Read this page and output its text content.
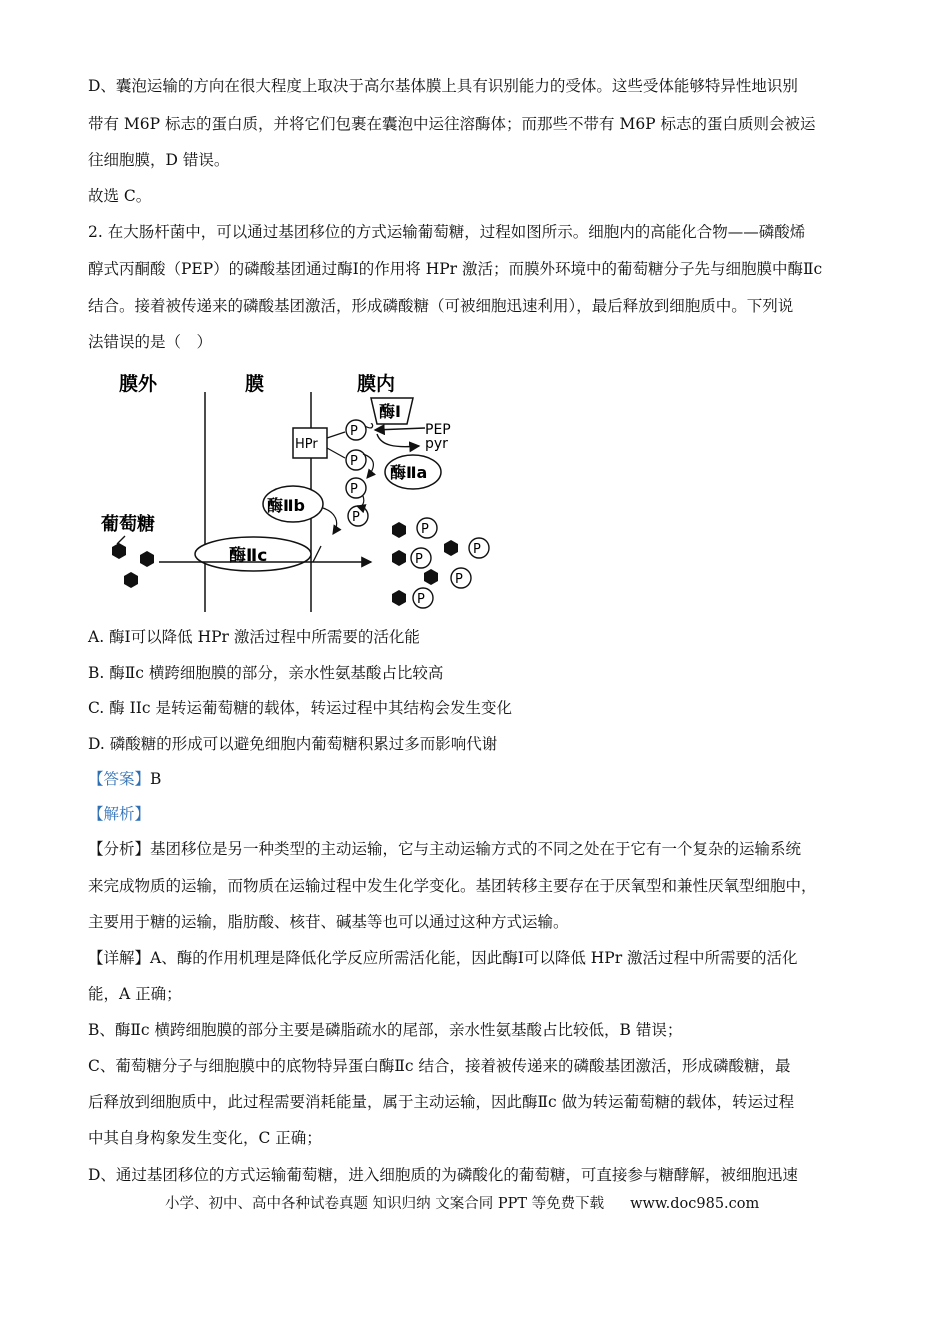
D、囊泡运输的方向在很大程度上取决于高尔基体膜上具有识别能力的受体。这些受体能够特异性地识别
带有 M6P 标志的蛋白质，并将它们包裹在囊泡中运往溶酶体；而那些不带有 M6P 标志的蛋白质则会被运
往细胞膜，D 错误。
故选 C。
2. 在大肠杆菌中，可以通过基团移位的方式运输葡萄糖，过程如图所示。细胞内的高能化合物——磷酸烯
醇式丙酮酸（PEP）的磷酸基团通过酶Ⅰ的作用将 HPr 激活；而膜外环境中的葡萄糖分子先与细胞膜中酶Ⅱc
结合。接着被传递来的磷酸基团激活，形成磷酸糖（可被细胞迅速利用），最后释放到细胞质中。下列说
法错误的是（　）
膜外	膜	膜内
酶Ⅰ
PEP
pyr
HPr
P
P
P
P
酶Ⅱa
酶Ⅱb
葡萄糖
酶Ⅱc
P
P
P
P
P
A. 酶Ⅰ可以降低 HPr 激活过程中所需要的活化能
B. 酶Ⅱc 横跨细胞膜的部分，亲水性氨基酸占比较高
C. 酶 IIc 是转运葡萄糖的载体，转运过程中其结构会发生变化
D. 磷酸糖的形成可以避免细胞内葡萄糖积累过多而影响代谢
【答案】B
【解析】
【分析】基团移位是另一种类型的主动运输，它与主动运输方式的不同之处在于它有一个复杂的运输系统
来完成物质的运输，而物质在运输过程中发生化学变化。基团转移主要存在于厌氧型和兼性厌氧型细胞中，
主要用于糖的运输，脂肪酸、核苷、碱基等也可以通过这种方式运输。
【详解】A、酶的作用机理是降低化学反应所需活化能，因此酶Ⅰ可以降低 HPr 激活过程中所需要的活化
能，A 正确；
B、酶Ⅱc 横跨细胞膜的部分主要是磷脂疏水的尾部，亲水性氨基酸占比较低，B 错误；
C、葡萄糖分子与细胞膜中的底物特异蛋白酶Ⅱc 结合，接着被传递来的磷酸基团激活，形成磷酸糖，最
后释放到细胞质中，此过程需要消耗能量，属于主动运输，因此酶Ⅱc 做为转运葡萄糖的载体，转运过程
中其自身构象发生变化，C 正确；
D、通过基团移位的方式运输葡萄糖，进入细胞质的为磷酸化的葡萄糖，可直接参与糖酵解，被细胞迅速
小学、初中、高中各种试卷真题 知识归纳 文案合同 PPT 等免费下载 www.doc985.com
